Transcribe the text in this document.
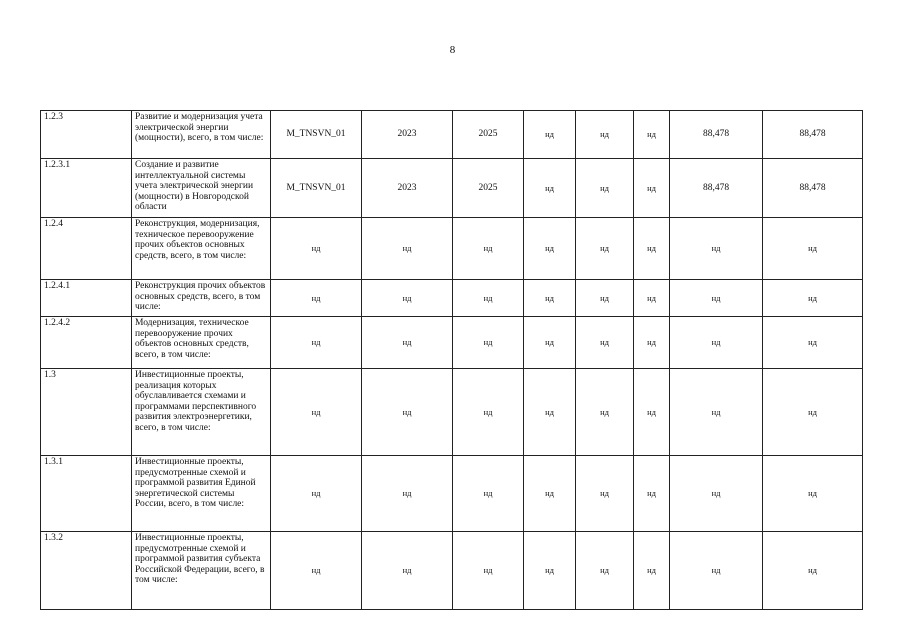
8
1.2.3	Развитие и модернизация учета электрической энергии (мощности), всего, в том числе:	M_TNSVN_01	2023	2025	нд	нд	нд	88,478	88,478
1.2.3.1	Создание и развитие интеллектуальной системы учета электрической энергии (мощности) в Новгородской области	M_TNSVN_01	2023	2025	нд	нд	нд	88,478	88,478
1.2.4	Реконструкция, модернизация, техническое перевооружение прочих объектов основных средств, всего, в том числе:	нд	нд	нд	нд	нд	нд	нд	нд
1.2.4.1	Реконструкция прочих объектов основных средств, всего, в том числе:	нд	нд	нд	нд	нд	нд	нд	нд
1.2.4.2	Модернизация, техническое перевооружение прочих объектов основных средств, всего, в том числе:	нд	нд	нд	нд	нд	нд	нд	нд
1.3	Инвестиционные проекты, реализация которых обуславливается схемами и программами перспективного развития электроэнергетики, всего, в том числе:	нд	нд	нд	нд	нд	нд	нд	нд
1.3.1	Инвестиционные проекты, предусмотренные схемой и программой развития Единой энергетической системы России, всего, в том числе:	нд	нд	нд	нд	нд	нд	нд	нд
1.3.2	Инвестиционные проекты, предусмотренные схемой и программой развития субъекта Российской Федерации, всего, в том числе:	нд	нд	нд	нд	нд	нд	нд	нд
